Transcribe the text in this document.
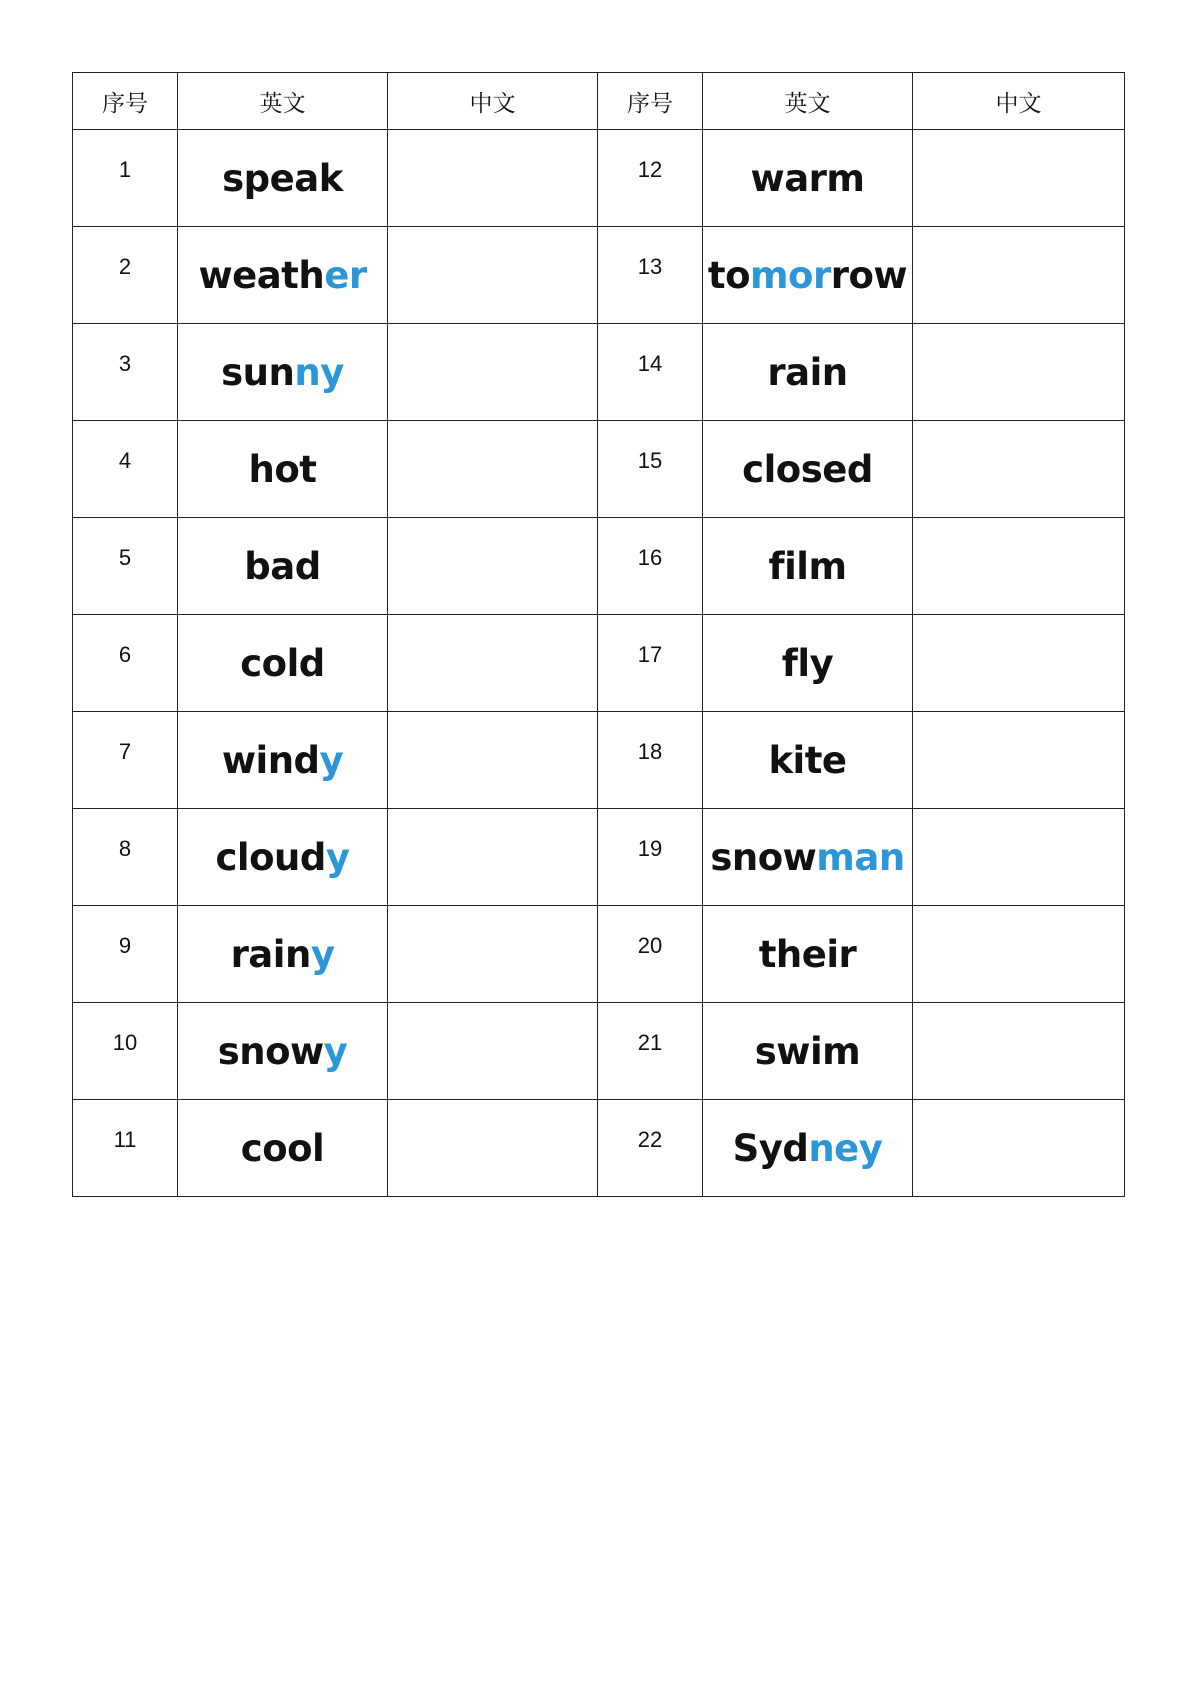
序号	英文	中文	序号	英文	中文
1	speak		12	warm	
2	weather		13	tomorrow	
3	sunny		14	rain	
4	hot		15	closed	
5	bad		16	film	
6	cold		17	fly	
7	windy		18	kite	
8	cloudy		19	snowman	
9	rainy		20	their	
10	snowy		21	swim	
11	cool		22	Sydney	
